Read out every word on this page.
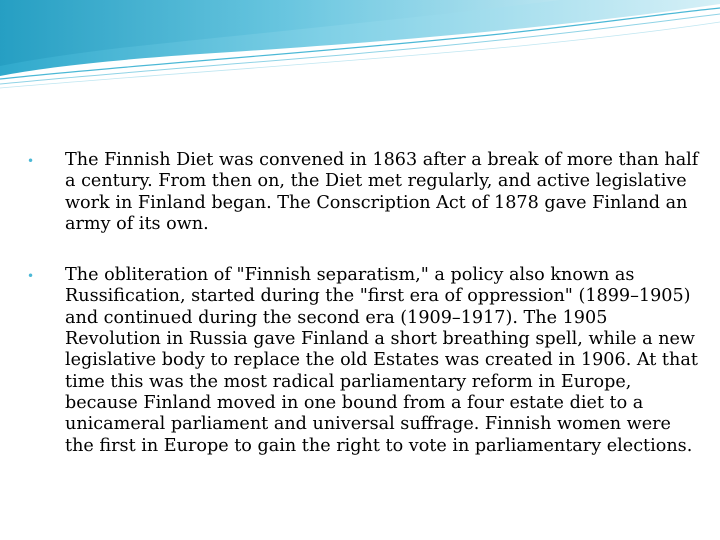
• The Finnish Diet was convened in 1863 after a break of more than half a century. From then on, the Diet met regularly, and active legislative work in Finland began. The Conscription Act of 1878 gave Finland an army of its own.
• The obliteration of "Finnish separatism," a policy also known as Russification, started during the "first era of oppression" (1899–1905) and continued during the second era (1909–1917). The 1905 Revolution in Russia gave Finland a short breathing spell, while a new legislative body to replace the old Estates was created in 1906. At that time this was the most radical parliamentary reform in Europe, because Finland moved in one bound from a four estate diet to a unicameral parliament and universal suffrage. Finnish women were the first in Europe to gain the right to vote in parliamentary elections.
